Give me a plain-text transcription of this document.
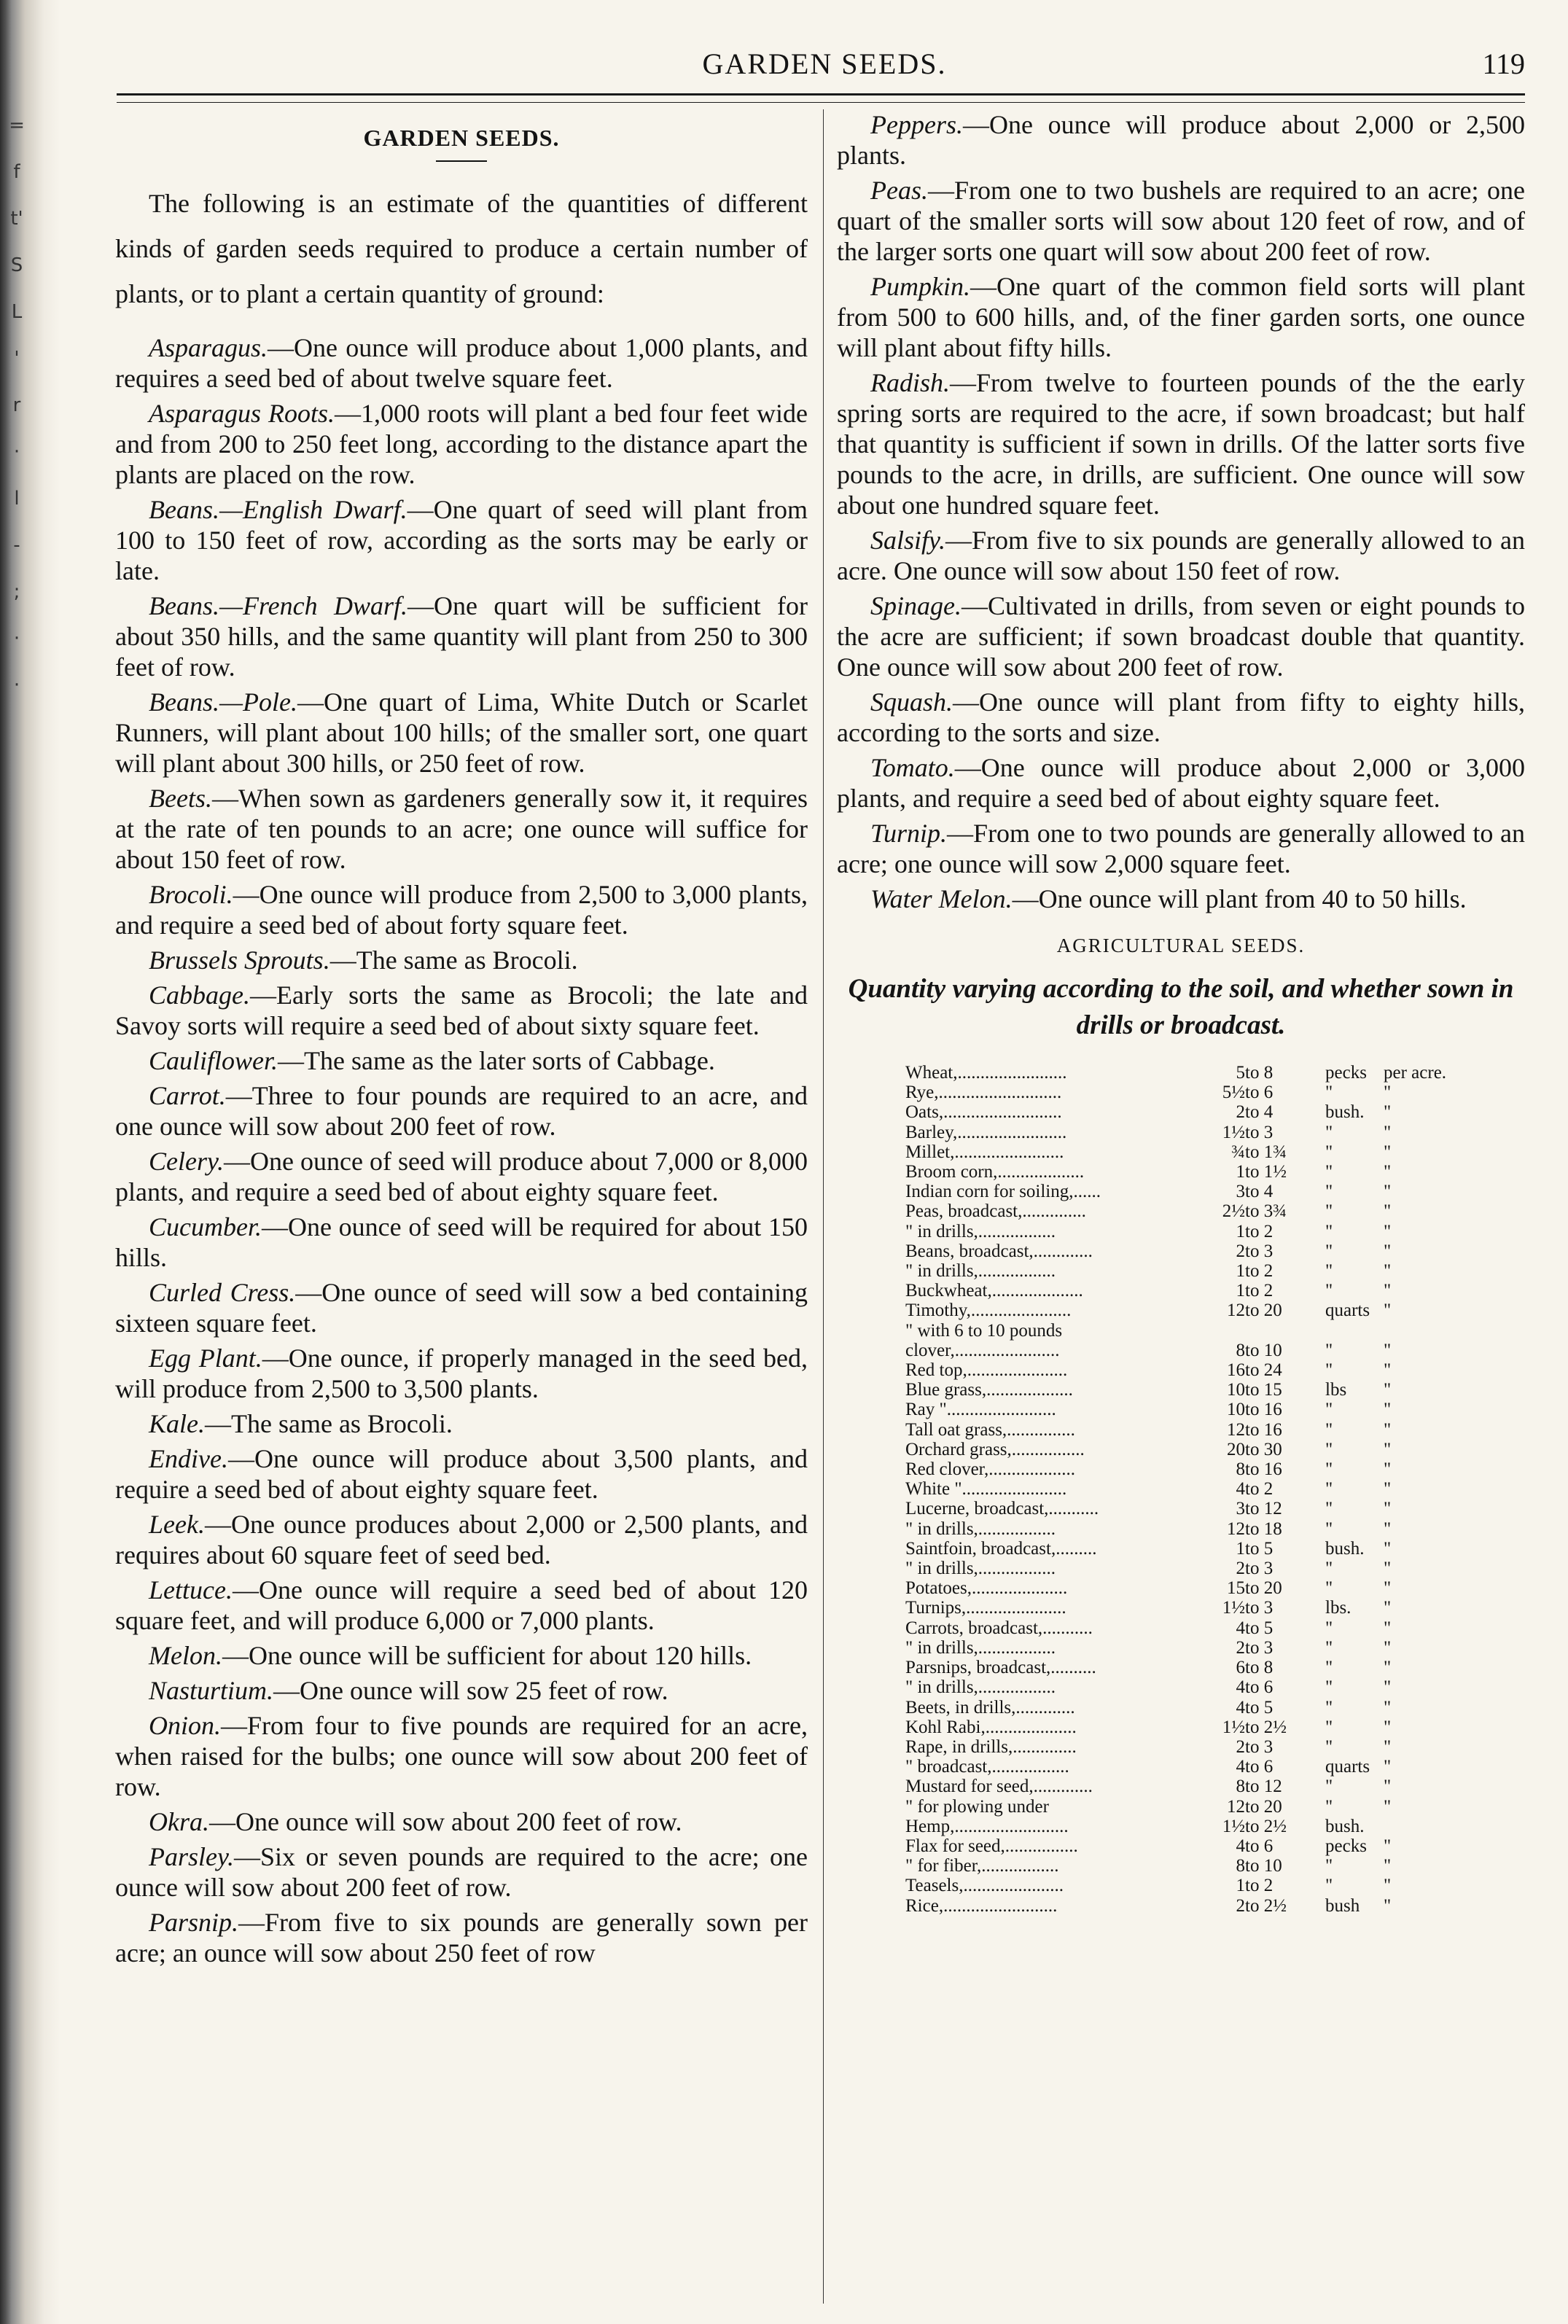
=
f
t'
S
L
'
r
·
l
-
;
·
·
GARDEN SEEDS.	119
GARDEN SEEDS.

The following is an estimate of the quantities of different kinds of garden seeds required to produce a certain number of plants, or to plant a certain quantity of ground:

Asparagus.—One ounce will produce about 1,000 plants, and requires a seed bed of about twelve square feet.

Asparagus Roots.—1,000 roots will plant a bed four feet wide and from 200 to 250 feet long, according to the distance apart the plants are placed on the row.

Beans.—English Dwarf.—One quart of seed will plant from 100 to 150 feet of row, according as the sorts may be early or late.

Beans.—French Dwarf.—One quart will be sufficient for about 350 hills, and the same quantity will plant from 250 to 300 feet of row.

Beans.—Pole.—One quart of Lima, White Dutch or Scarlet Runners, will plant about 100 hills; of the smaller sort, one quart will plant about 300 hills, or 250 feet of row.

Beets.—When sown as gardeners generally sow it, it requires at the rate of ten pounds to an acre; one ounce will suffice for about 150 feet of row.

Brocoli.—One ounce will produce from 2,500 to 3,000 plants, and require a seed bed of about forty square feet.

Brussels Sprouts.—The same as Brocoli.

Cabbage.—Early sorts the same as Brocoli; the late and Savoy sorts will require a seed bed of about sixty square feet.

Cauliflower.—The same as the later sorts of Cabbage.

Carrot.—Three to four pounds are required to an acre, and one ounce will sow about 200 feet of row.

Celery.—One ounce of seed will produce about 7,000 or 8,000 plants, and require a seed bed of about eighty square feet.

Cucumber.—One ounce of seed will be required for about 150 hills.

Curled Cress.—One ounce of seed will sow a bed containing sixteen square feet.

Egg Plant.—One ounce, if properly managed in the seed bed, will produce from 2,500 to 3,500 plants.

Kale.—The same as Brocoli.

Endive.—One ounce will produce about 3,500 plants, and require a seed bed of about eighty square feet.

Leek.—One ounce produces about 2,000 or 2,500 plants, and requires about 60 square feet of seed bed.

Lettuce.—One ounce will require a seed bed of about 120 square feet, and will produce 6,000 or 7,000 plants.

Melon.—One ounce will be sufficient for about 120 hills.

Nasturtium.—One ounce will sow 25 feet of row.

Onion.—From four to five pounds are required for an acre, when raised for the bulbs; one ounce will sow about 200 feet of row.

Okra.—One ounce will sow about 200 feet of row.

Parsley.—Six or seven pounds are required to the acre; one ounce will sow about 200 feet of row.

Parsnip.—From five to six pounds are generally sown per acre; an ounce will sow about 250 feet of row

Peppers.—One ounce will produce about 2,000 or 2,500 plants.

Peas.—From one to two bushels are required to an acre; one quart of the smaller sorts will sow about 120 feet of row, and of the larger sorts one quart will sow about 200 feet of row.

Pumpkin.—One quart of the common field sorts will plant from 500 to 600 hills, and, of the finer garden sorts, one ounce will plant about fifty hills.

Radish.—From twelve to fourteen pounds of the the early spring sorts are required to the acre, if sown broadcast; but half that quantity is sufficient if sown in drills. Of the latter sorts five pounds to the acre, in drills, are sufficient. One ounce will sow about one hundred square feet.

Salsify.—From five to six pounds are generally allowed to an acre. One ounce will sow about 150 feet of row.

Spinage.—Cultivated in drills, from seven or eight pounds to the acre are sufficient; if sown broadcast double that quantity. One ounce will sow about 200 feet of row.

Squash.—One ounce will plant from fifty to eighty hills, according to the sorts and size.

Tomato.—One ounce will produce about 2,000 or 3,000 plants, and require a seed bed of about eighty square feet.

Turnip.—From one to two pounds are generally allowed to an acre; one ounce will sow 2,000 square feet.

Water Melon.—One ounce will plant from 40 to 50 hills.

AGRICULTURAL SEEDS.
Quantity varying according to the soil, and whether sown in drills or broadcast.
Wheat,........................	5	to 8	pecks	per acre.
Rye,...........................	5½	to 6	"	"
Oats,..........................	2	to 4	bush.	"
Barley,........................	1½	to 3	"	"
Millet,........................	¾	to 1¾	"	"
Broom corn,...................	1	to 1½	"	"
Indian corn for soiling,......	3	to 4	"	"
Peas, broadcast,..............	2½	to 3¾	"	"
" in drills,.................	1	to 2	"	"
Beans, broadcast,.............	2	to 3	"	"
" in drills,.................	1	to 2	"	"
Buckwheat,....................	1	to 2	"	"
Timothy,......................	12	to 20	quarts	"
" with 6 to 10 pounds				
clover,.......................	8	to 10	"	"
Red top,......................	16	to 24	"	"
Blue grass,...................	10	to 15	lbs	"
Ray "........................	10	to 16	"	"
Tall oat grass,...............	12	to 16	"	"
Orchard grass,................	20	to 30	"	"
Red clover,...................	8	to 16	"	"
White ".......................	4	to 2	"	"
Lucerne, broadcast,...........	3	to 12	"	"
" in drills,.................	12	to 18	"	"
Saintfoin, broadcast,.........	1	to 5	bush.	"
" in drills,.................	2	to 3	"	"
Potatoes,.....................	15	to 20	"	"
Turnips,......................	1½	to 3	lbs.	"
Carrots, broadcast,...........	4	to 5	"	"
" in drills,.................	2	to 3	"	"
Parsnips, broadcast,..........	6	to 8	"	"
" in drills,.................	4	to 6	"	"
Beets, in drills,.............	4	to 5	"	"
Kohl Rabi,....................	1½	to 2½	"	"
Rape, in drills,..............	2	to 3	"	"
" broadcast,.................	4	to 6	quarts	"
Mustard for seed,.............	8	to 12	"	"
" for plowing under	12	to 20	"	"
Hemp,.........................	1½	to 2½	bush.	
Flax for seed,................	4	to 6	pecks	"
" for fiber,.................	8	to 10	"	"
Teasels,......................	1	to 2	"	"
Rice,.........................	2	to 2½	bush	"
